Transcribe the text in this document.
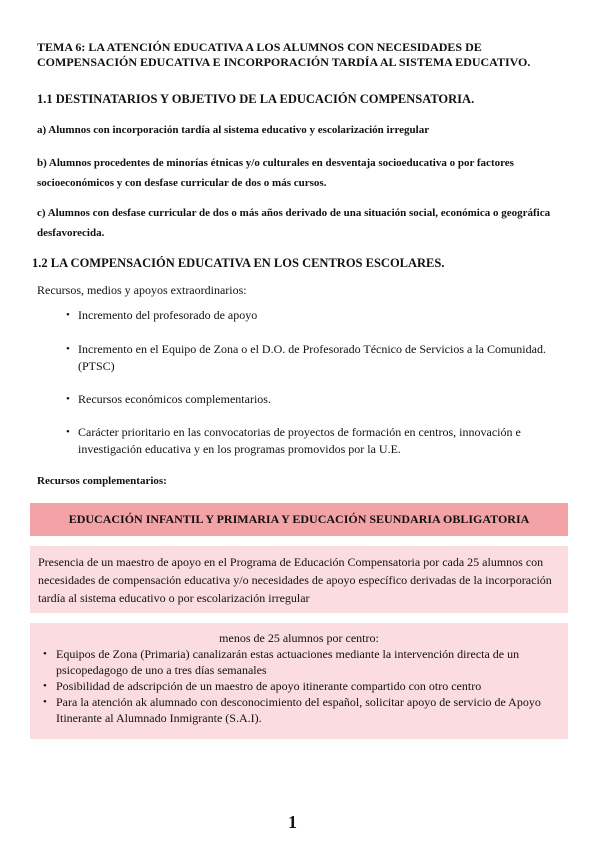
TEMA 6: LA ATENCIÓN EDUCATIVA A LOS ALUMNOS CON NECESIDADES DE COMPENSACIÓN EDUCATIVA E INCORPORACIÓN TARDÍA AL SISTEMA EDUCATIVO.
1.1 DESTINATARIOS Y OBJETIVO DE LA EDUCACIÓN COMPENSATORIA.
a) Alumnos con incorporación tardía al sistema educativo y escolarización irregular
b) Alumnos procedentes de minorías étnicas y/o culturales en desventaja socioeducativa o por factores socioeconómicos y con desfase curricular de dos o más cursos.
c) Alumnos con desfase curricular de dos o más años derivado de una situación social, económica o geográfica desfavorecida.
1.2 LA COMPENSACIÓN EDUCATIVA EN LOS CENTROS ESCOLARES.
Recursos, medios y apoyos extraordinarios:
• Incremento del profesorado de apoyo
• Incremento en el Equipo de Zona o el D.O. de Profesorado Técnico de Servicios a la Comunidad. (PTSC)
• Recursos económicos complementarios.
• Carácter prioritario en las convocatorias de proyectos de formación en centros, innovación e investigación educativa y en los programas promovidos por la U.E.
Recursos complementarios:
EDUCACIÓN INFANTIL Y PRIMARIA Y EDUCACIÓN SEUNDARIA OBLIGATORIA
Presencia de un maestro de apoyo en el Programa de Educación Compensatoria por cada 25 alumnos con necesidades de compensación educativa y/o necesidades de apoyo específico derivadas de la incorporación tardía al sistema educativo o por escolarización irregular
menos de 25 alumnos por centro:
• Equipos de Zona (Primaria) canalizarán estas actuaciones mediante la intervención directa de un psicopedagogo de uno a tres días semanales
• Posibilidad de adscripción de un maestro de apoyo itinerante compartido con otro centro
• Para la atención ak alumnado con desconocimiento del español, solicitar apoyo de servicio de Apoyo Itinerante al Alumnado Inmigrante (S.A.I).
1
